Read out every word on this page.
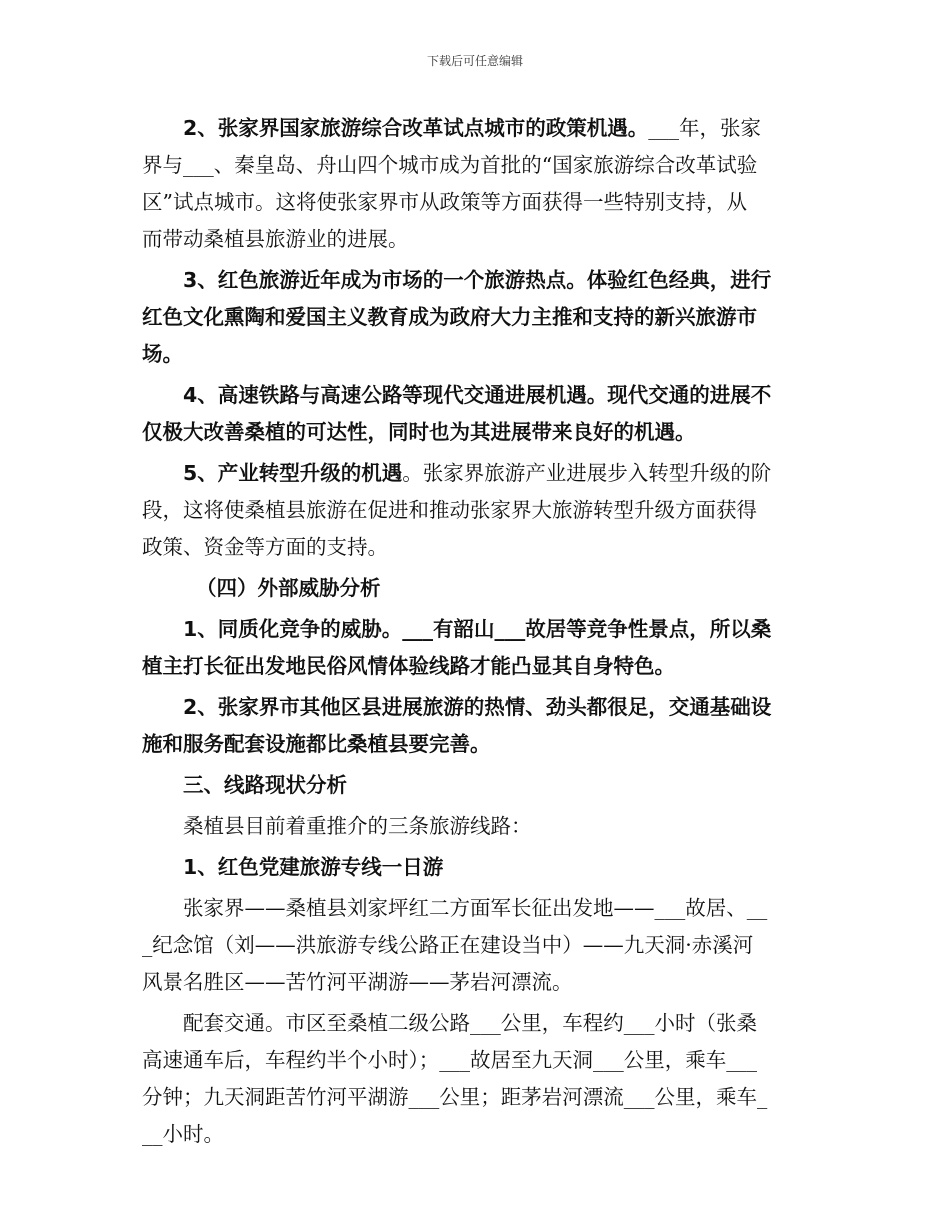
下载后可任意编辑
2、张家界国家旅游综合改革试点城市的政策机遇。___年，张家
界与___、秦皇岛、舟山四个城市成为首批的“国家旅游综合改革试验
区”试点城市。这将使张家界市从政策等方面获得一些特别支持，从
而带动桑植县旅游业的进展。
3、红色旅游近年成为市场的一个旅游热点。体验红色经典，进行
红色文化熏陶和爱国主义教育成为政府大力主推和支持的新兴旅游市
场。
4、高速铁路与高速公路等现代交通进展机遇。现代交通的进展不
仅极大改善桑植的可达性，同时也为其进展带来良好的机遇。
5、产业转型升级的机遇。张家界旅游产业进展步入转型升级的阶
段，这将使桑植县旅游在促进和推动张家界大旅游转型升级方面获得
政策、资金等方面的支持。
（四）外部威胁分析
1、同质化竞争的威胁。___有韶山___故居等竞争性景点，所以桑
植主打长征出发地民俗风情体验线路才能凸显其自身特色。
2、张家界市其他区县进展旅游的热情、劲头都很足，交通基础设
施和服务配套设施都比桑植县要完善。
三、线路现状分析
桑植县目前着重推介的三条旅游线路：
1、红色党建旅游专线一日游
张家界——桑植县刘家坪红二方面军长征出发地——___故居、__
_纪念馆（刘——洪旅游专线公路正在建设当中）——九天洞·赤溪河
风景名胜区——苦竹河平湖游——茅岩河漂流。
配套交通。市区至桑植二级公路___公里，车程约___小时（张桑
高速通车后，车程约半个小时）；___故居至九天洞___公里，乘车___
分钟；九天洞距苦竹河平湖游___公里；距茅岩河漂流___公里，乘车_
__小时。
